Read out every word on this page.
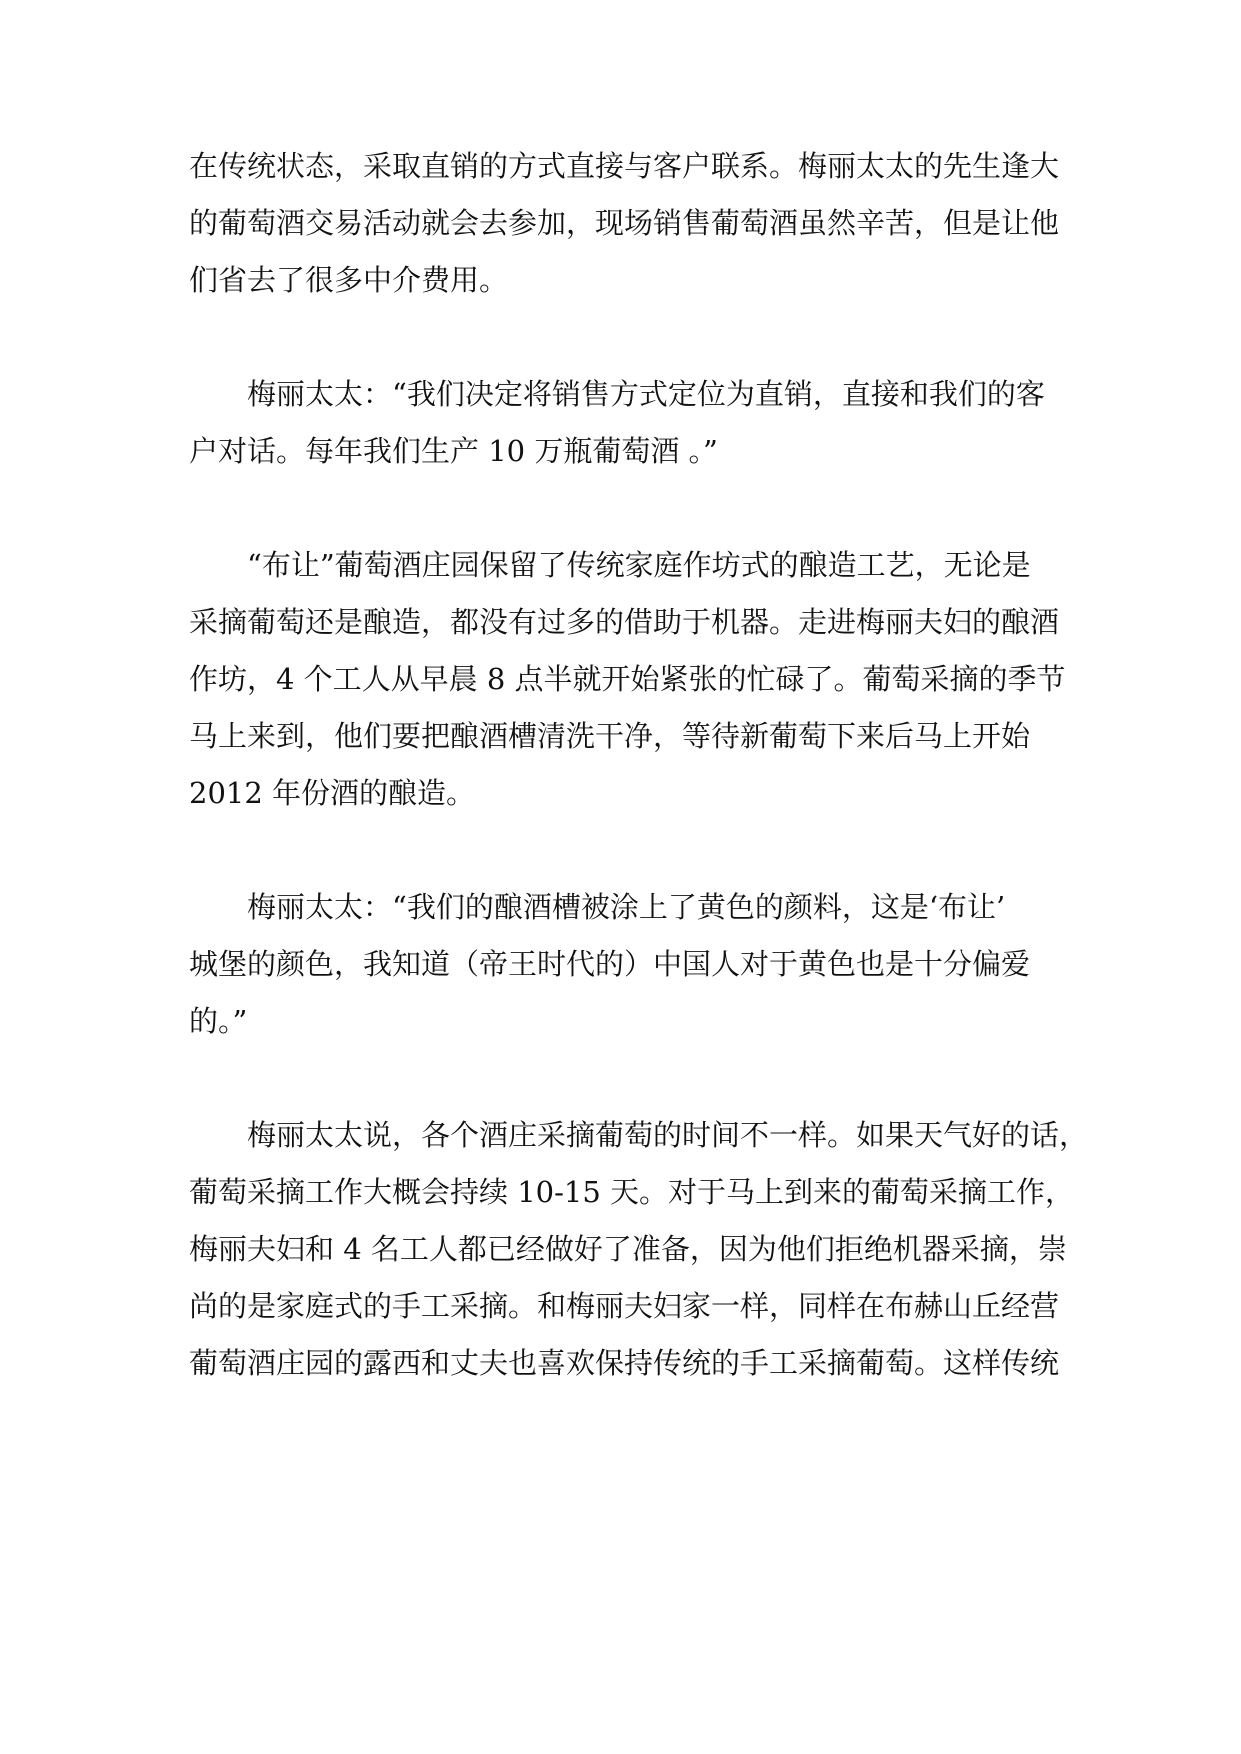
在传统状态，采取直销的方式直接与客户联系。梅丽太太的先生逢大
的葡萄酒交易活动就会去参加，现场销售葡萄酒虽然辛苦，但是让他
们省去了很多中介费用。
梅丽太太：“我们决定将销售方式定位为直销，直接和我们的客
户对话。每年我们生产 10 万瓶葡萄酒 。”
“布让”葡萄酒庄园保留了传统家庭作坊式的酿造工艺，无论是
采摘葡萄还是酿造，都没有过多的借助于机器。走进梅丽夫妇的酿酒
作坊，4 个工人从早晨 8 点半就开始紧张的忙碌了。葡萄采摘的季节
马上来到，他们要把酿酒槽清洗干净，等待新葡萄下来后马上开始
2012 年份酒的酿造。
梅丽太太：“我们的酿酒槽被涂上了黄色的颜料，这是‘布让’
城堡的颜色，我知道（帝王时代的）中国人对于黄色也是十分偏爱
的。”
梅丽太太说，各个酒庄采摘葡萄的时间不一样。如果天气好的话，
葡萄采摘工作大概会持续 10-15 天。对于马上到来的葡萄采摘工作，
梅丽夫妇和 4 名工人都已经做好了准备，因为他们拒绝机器采摘，崇
尚的是家庭式的手工采摘。和梅丽夫妇家一样，同样在布赫山丘经营
葡萄酒庄园的露西和丈夫也喜欢保持传统的手工采摘葡萄。这样传统
